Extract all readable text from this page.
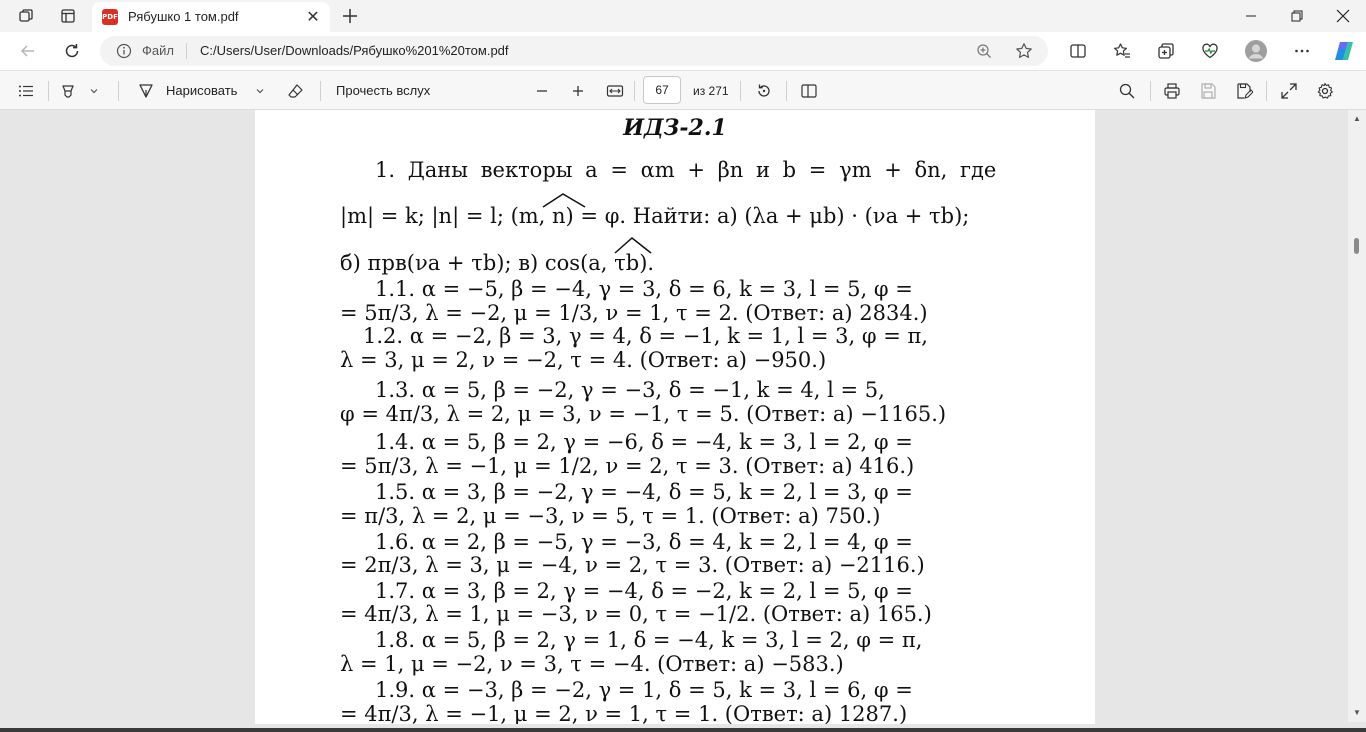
PDF Рябушко 1 том.pdf	✕
Файл C:/Users/User/Downloads/Рябушко%201%20том.pdf
Нарисовать	Прочесть вслух	67	из 271
ИДЗ-2.1
1. Даны векторы a = αm + βn и b = γm + δn, где
|m| = k; |n| = l; (m, n) = φ. Найти: а) (λa + μb) · (νa + τb);
б) прв(νa + τb); в) cos(a, τb).
1.1. α = −5, β = −4, γ = 3, δ = 6, k = 3, l = 5, φ =
= 5π/3, λ = −2, μ = 1/3, ν = 1, τ = 2. (Ответ: а) 2834.)
1.2. α = −2, β = 3, γ = 4, δ = −1, k = 1, l = 3, φ = π,
λ = 3, μ = 2, ν = −2, τ = 4. (Ответ: а) −950.)
1.3. α = 5, β = −2, γ = −3, δ = −1, k = 4, l = 5,
φ = 4π/3, λ = 2, μ = 3, ν = −1, τ = 5. (Ответ: а) −1165.)
1.4. α = 5, β = 2, γ = −6, δ = −4, k = 3, l = 2, φ =
= 5π/3, λ = −1, μ = 1/2, ν = 2, τ = 3. (Ответ: а) 416.)
1.5. α = 3, β = −2, γ = −4, δ = 5, k = 2, l = 3, φ =
= π/3, λ = 2, μ = −3, ν = 5, τ = 1. (Ответ: а) 750.)
1.6. α = 2, β = −5, γ = −3, δ = 4, k = 2, l = 4, φ =
= 2π/3, λ = 3, μ = −4, ν = 2, τ = 3. (Ответ: а) −2116.)
1.7. α = 3, β = 2, γ = −4, δ = −2, k = 2, l = 5, φ =
= 4π/3, λ = 1, μ = −3, ν = 0, τ = −1/2. (Ответ: а) 165.)
1.8. α = 5, β = 2, γ = 1, δ = −4, k = 3, l = 2, φ = π,
λ = 1, μ = −2, ν = 3, τ = −4. (Ответ: а) −583.)
1.9. α = −3, β = −2, γ = 1, δ = 5, k = 3, l = 6, φ =
= 4π/3, λ = −1, μ = 2, ν = 1, τ = 1. (Ответ: а) 1287.)
▲
▼
